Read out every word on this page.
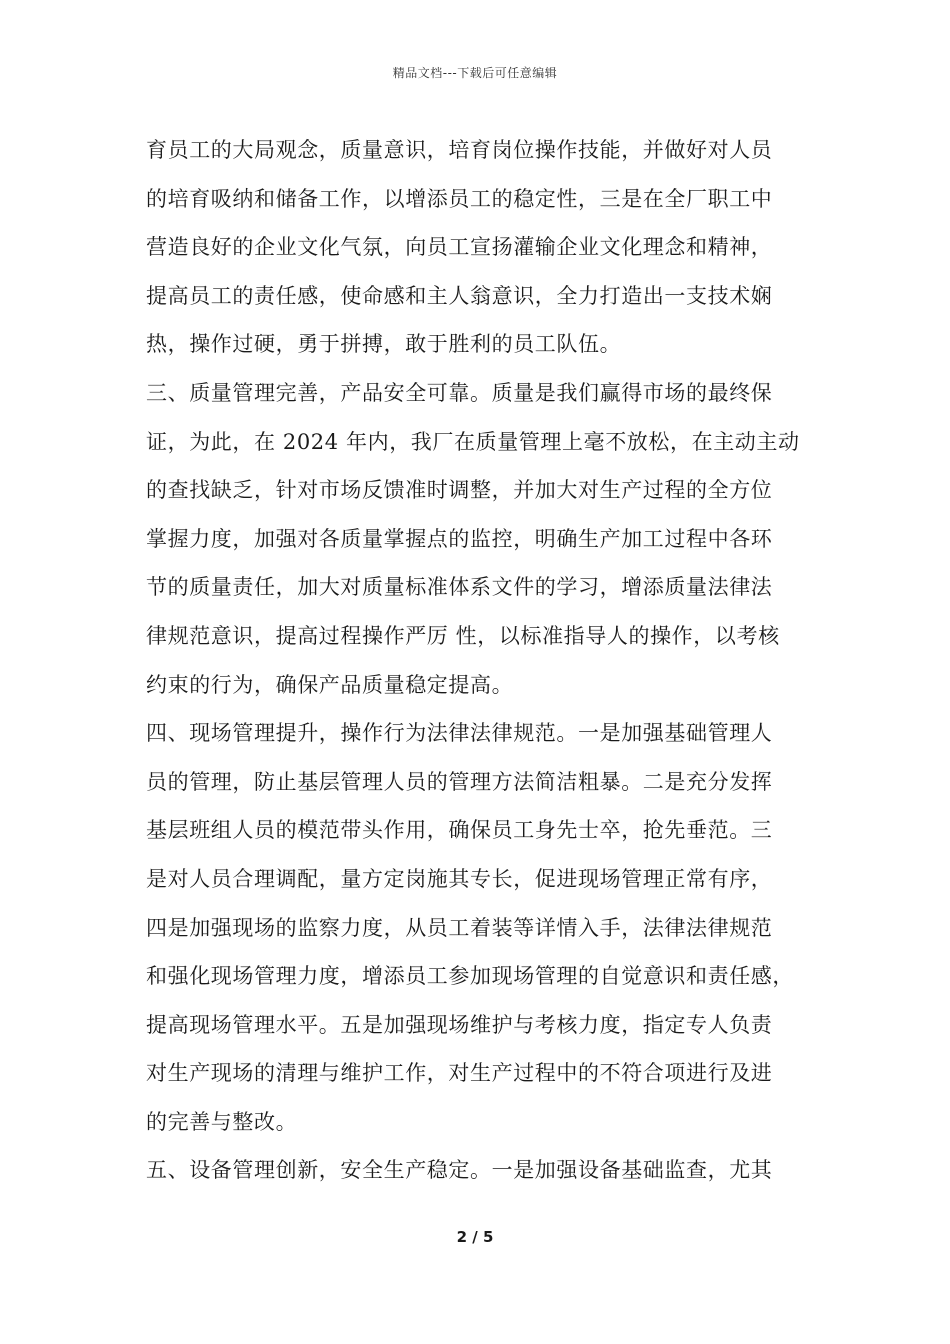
精品文档---下载后可任意编辑
育员工的大局观念，质量意识，培育岗位操作技能，并做好对人员
的培育吸纳和储备工作，以增添员工的稳定性，三是在全厂职工中
营造良好的企业文化气氛，向员工宣扬灌输企业文化理念和精神，
提高员工的责任感，使命感和主人翁意识，全力打造出一支技术娴
热，操作过硬，勇于拼搏，敢于胜利的员工队伍。
三、质量管理完善，产品安全可靠。质量是我们赢得市场的最终保
证，为此，在 2024 年内，我厂在质量管理上毫不放松，在主动主动
的查找缺乏，针对市场反馈准时调整，并加大对生产过程的全方位
掌握力度，加强对各质量掌握点的监控，明确生产加工过程中各环
节的质量责任，加大对质量标准体系文件的学习，增添质量法律法
律规范意识，提高过程操作严厉 性，以标准指导人的操作，以考核
约束的行为，确保产品质量稳定提高。
四、现场管理提升，操作行为法律法律规范。一是加强基础管理人
员的管理，防止基层管理人员的管理方法简洁粗暴。二是充分发挥
基层班组人员的模范带头作用，确保员工身先士卒，抢先垂范。三
是对人员合理调配，量方定岗施其专长，促进现场管理正常有序，
四是加强现场的监察力度，从员工着装等详情入手，法律法律规范
和强化现场管理力度，增添员工参加现场管理的自觉意识和责任感，
提高现场管理水平。五是加强现场维护与考核力度，指定专人负责
对生产现场的清理与维护工作，对生产过程中的不符合项进行及进
的完善与整改。
五、设备管理创新，安全生产稳定。一是加强设备基础监查，尤其
2 / 5
